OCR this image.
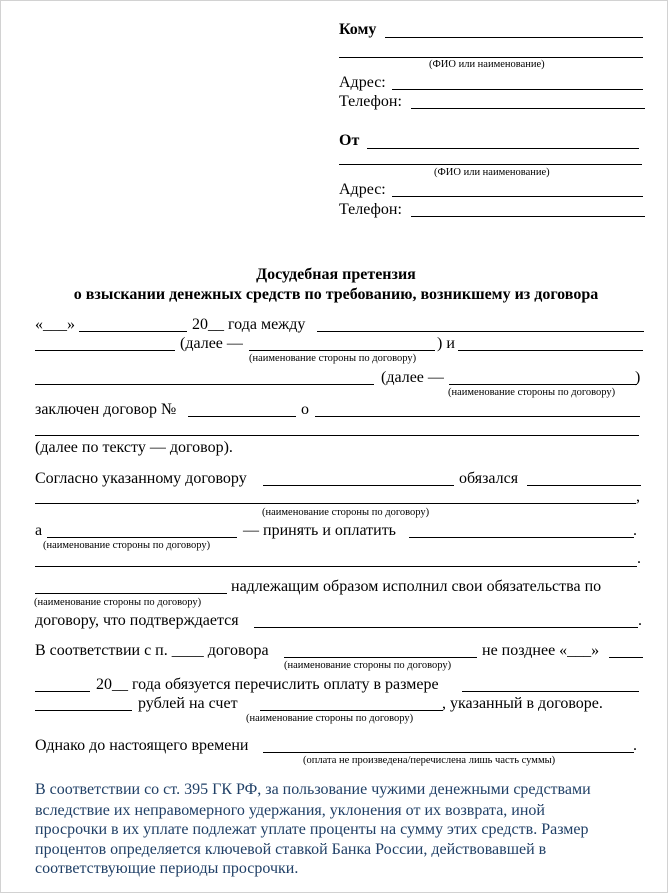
Кому
(ФИО или наименование)
Адрес:
Телефон:
От
(ФИО или наименование)
Адрес:
Телефон:
Досудебная претензия
о взыскании денежных средств по требованию, возникшему из договора
«___»	20__ года между
(далее —	) и
(наименование стороны по договору)
(далее —	)
(наименование стороны по договору)
заключен договор №	о
(далее по тексту — договор).
Согласно указанному договору	обязался
,
(наименование стороны по договору)
а	— принять и оплатить	.
(наименование стороны по договору)
.
надлежащим образом исполнил свои обязательства по
(наименование стороны по договору)
договору, что подтверждается	.
В соответствии с п. ____ договора	не позднее «___»
(наименование стороны по договору)
20__ года обязуется перечислить оплату в размере
рублей на счет	, указанный в договоре.
(наименование стороны по договору)
Однако до настоящего времени	.
(оплата не произведена/перечислена лишь часть суммы)
В соответствии со ст. 395 ГК РФ, за пользование чужими денежными средствами
вследствие их неправомерного удержания, уклонения от их возврата, иной
просрочки в их уплате подлежат уплате проценты на сумму этих средств. Размер
процентов определяется ключевой ставкой Банка России, действовавшей в
соответствующие периоды просрочки.
